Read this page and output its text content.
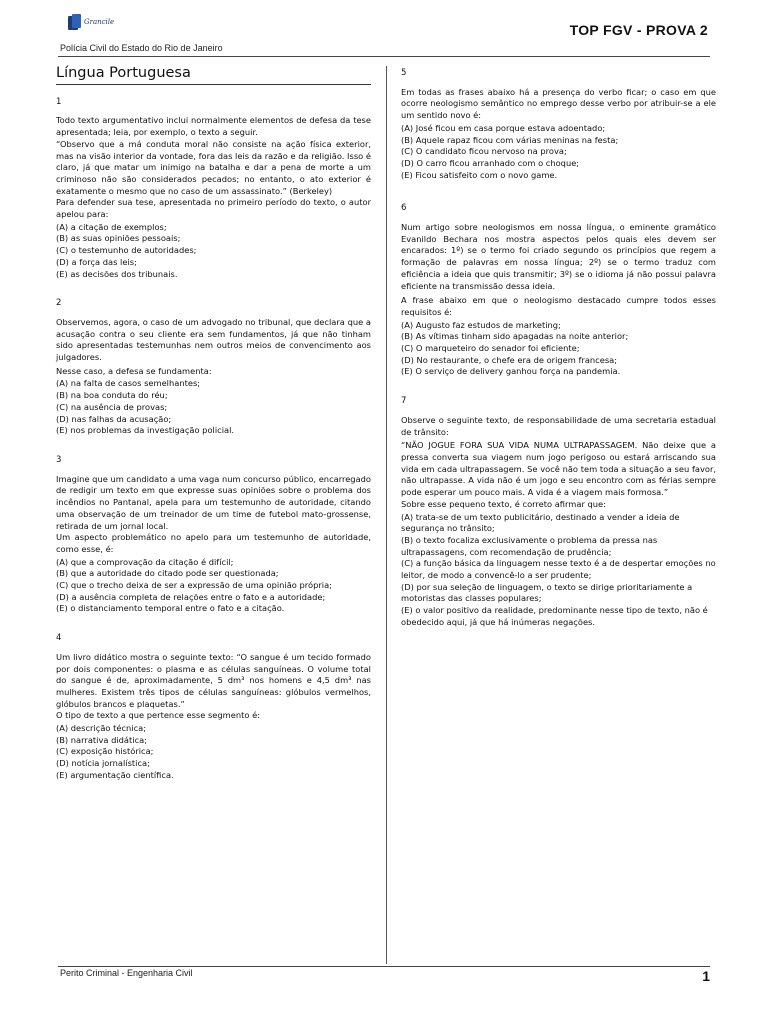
Grancile	TOP FGV - PROVA 2
Polícia Civil do Estado do Rio de Janeiro
Língua Portuguesa
1

Todo texto argumentativo inclui normalmente elementos de defesa da tese apresentada; leia, por exemplo, o texto a seguir.

“Observo que a má conduta moral não consiste na ação física exterior, mas na visão interior da vontade, fora das leis da razão e da religião. Isso é claro, já que matar um inimigo na batalha e dar a pena de morte a um criminoso não são considerados pecados; no entanto, o ato exterior é exatamente o mesmo que no caso de um assassinato.” (Berkeley)

Para defender sua tese, apresentada no primeiro período do texto, o autor apelou para:

(A) a citação de exemplos;
(B) as suas opiniões pessoais;
(C) o testemunho de autoridades;
(D) a força das leis;
(E) as decisões dos tribunais.
2

Observemos, agora, o caso de um advogado no tribunal, que declara que a acusação contra o seu cliente era sem fundamentos, já que não tinham sido apresentadas testemunhas nem outros meios de convencimento aos julgadores.

Nesse caso, a defesa se fundamenta:

(A) na falta de casos semelhantes;
(B) na boa conduta do réu;
(C) na ausência de provas;
(D) nas falhas da acusação;
(E) nos problemas da investigação policial.
3

Imagine que um candidato a uma vaga num concurso público, encarregado de redigir um texto em que expresse suas opiniões sobre o problema dos incêndios no Pantanal, apela para um testemunho de autoridade, citando uma observação de um treinador de um time de futebol mato-grossense, retirada de um jornal local.

Um aspecto problemático no apelo para um testemunho de autoridade, como esse, é:

(A) que a comprovação da citação é difícil;
(B) que a autoridade do citado pode ser questionada;
(C) que o trecho deixa de ser a expressão de uma opinião própria;
(D) a ausência completa de relações entre o fato e a autoridade;
(E) o distanciamento temporal entre o fato e a citação.
4

Um livro didático mostra o seguinte texto: “O sangue é um tecido formado por dois componentes: o plasma e as células sanguíneas. O volume total do sangue é de, aproximadamente, 5 dm³ nos homens e 4,5 dm³ nas mulheres. Existem três tipos de células sanguíneas: glóbulos vermelhos, glóbulos brancos e plaquetas.”

O tipo de texto a que pertence esse segmento é:

(A) descrição técnica;
(B) narrativa didática;
(C) exposição histórica;
(D) notícia jornalística;
(E) argumentação científica.
5

Em todas as frases abaixo há a presença do verbo ficar; o caso em que ocorre neologismo semântico no emprego desse verbo por atribuir-se a ele um sentido novo é:

(A) José ficou em casa porque estava adoentado;
(B) Aquele rapaz ficou com várias meninas na festa;
(C) O candidato ficou nervoso na prova;
(D) O carro ficou arranhado com o choque;
(E) Ficou satisfeito com o novo game.
6

Num artigo sobre neologismos em nossa língua, o eminente gramático Evanildo Bechara nos mostra aspectos pelos quais eles devem ser encarados: 1º) se o termo foi criado segundo os princípios que regem a formação de palavras em nossa língua; 2º) se o termo traduz com eficiência a ideia que quis transmitir; 3º) se o idioma já não possui palavra eficiente na transmissão dessa ideia.

A frase abaixo em que o neologismo destacado cumpre todos esses requisitos é:

(A) Augusto faz estudos de marketing;
(B) As vítimas tinham sido apagadas na noite anterior;
(C) O marqueteiro do senador foi eficiente;
(D) No restaurante, o chefe era de origem francesa;
(E) O serviço de delivery ganhou força na pandemia.
7

Observe o seguinte texto, de responsabilidade de uma secretaria estadual de trânsito:

“NÃO JOGUE FORA SUA VIDA NUMA ULTRAPASSAGEM. Não deixe que a pressa converta sua viagem num jogo perigoso ou estará arriscando sua vida em cada ultrapassagem. Se você não tem toda a situação a seu favor, não ultrapasse. A vida não é um jogo e seu encontro com as férias sempre pode esperar um pouco mais. A vida é a viagem mais formosa.”

Sobre esse pequeno texto, é correto afirmar que:

(A) trata-se de um texto publicitário, destinado a vender a ideia de segurança no trânsito;
(B) o texto focaliza exclusivamente o problema da pressa nas ultrapassagens, com recomendação de prudência;
(C) a função básica da linguagem nesse texto é a de despertar emoções no leitor, de modo a convencê-lo a ser prudente;
(D) por sua seleção de linguagem, o texto se dirige prioritariamente a motoristas das classes populares;
(E) o valor positivo da realidade, predominante nesse tipo de texto, não é obedecido aqui, já que há inúmeras negações.
Perito Criminal - Engenharia Civil	1
